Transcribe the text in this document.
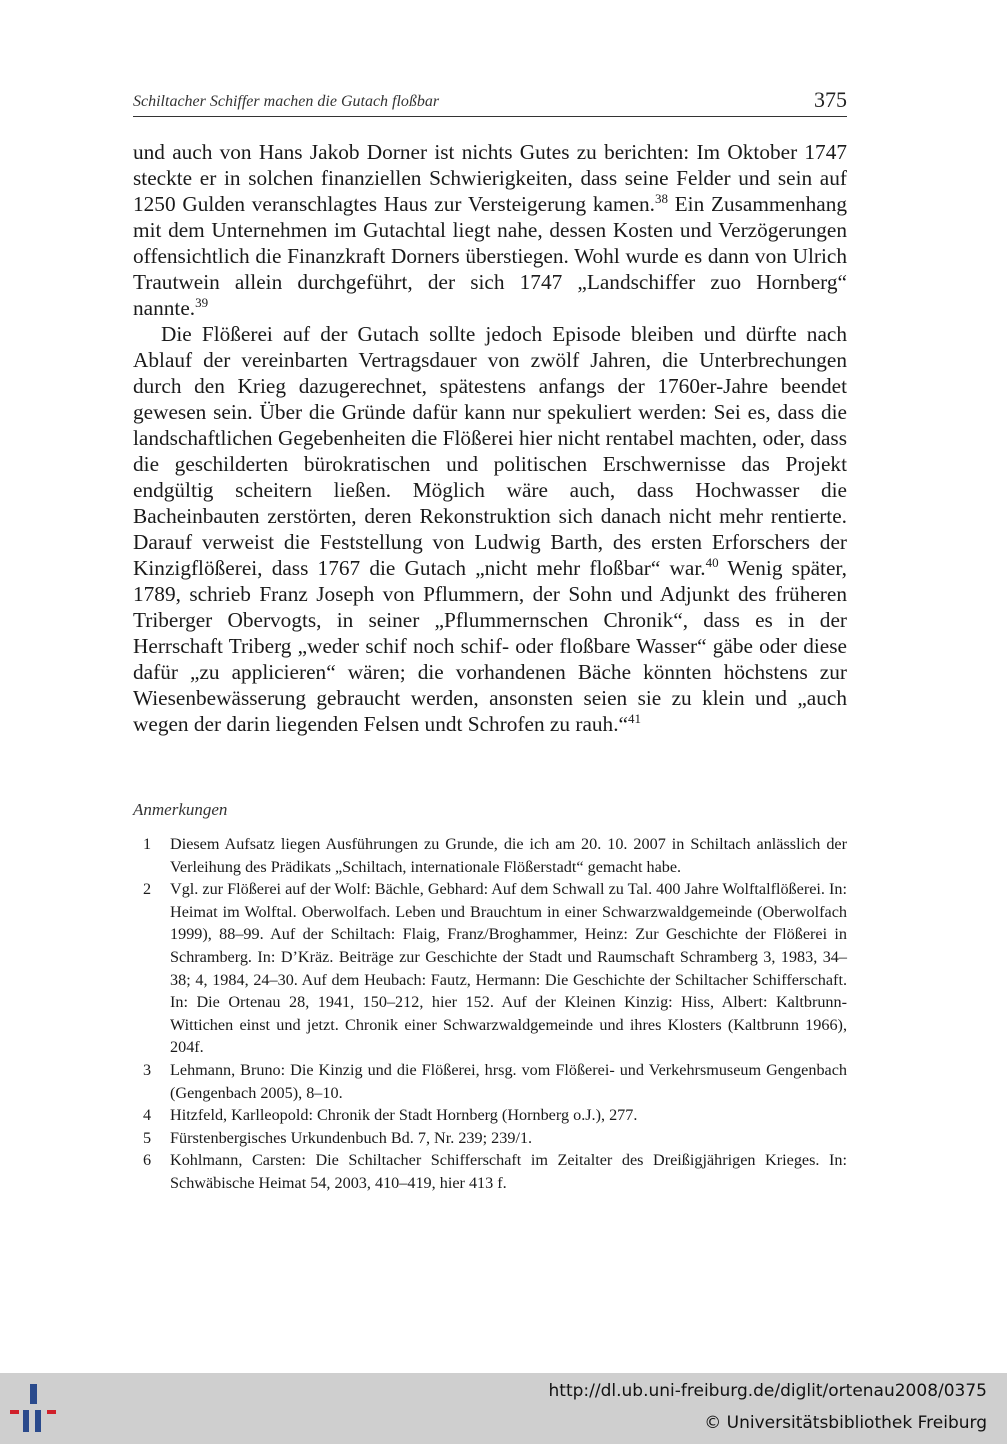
Schiltacher Schiffer machen die Gutach floßbar	375

und auch von Hans Jakob Dorner ist nichts Gutes zu berichten: Im Oktober 1747 steckte er in solchen finanziellen Schwierigkeiten, dass seine Felder und sein auf 1250 Gulden veranschlagtes Haus zur Versteigerung kamen.$^{38}$ Ein Zusammenhang mit dem Unternehmen im Gutachtal liegt nahe, dessen Kosten und Verzögerungen offensichtlich die Finanzkraft Dorners überstiegen. Wohl wurde es dann von Ulrich Trautwein allein durchgeführt, der sich 1747 „Landschiffer zuo Hornberg“ nannte.$^{39}$

Die Flößerei auf der Gutach sollte jedoch Episode bleiben und dürfte nach Ablauf der vereinbarten Vertragsdauer von zwölf Jahren, die Unterbrechungen durch den Krieg dazugerechnet, spätestens anfangs der 1760er-Jahre beendet gewesen sein. Über die Gründe dafür kann nur spekuliert werden: Sei es, dass die landschaftlichen Gegebenheiten die Flößerei hier nicht rentabel machten, oder, dass die geschilderten bürokratischen und politischen Erschwernisse das Projekt endgültig scheitern ließen. Möglich wäre auch, dass Hochwasser die Bacheinbauten zerstörten, deren Rekonstruktion sich danach nicht mehr rentierte. Darauf verweist die Feststellung von Ludwig Barth, des ersten Erforschers der Kinzigflößerei, dass 1767 die Gutach „nicht mehr floßbar“ war.$^{40}$ Wenig später, 1789, schrieb Franz Joseph von Pflummern, der Sohn und Adjunkt des früheren Triberger Obervogts, in seiner „Pflummernschen Chronik“, dass es in der Herrschaft Triberg „weder schif noch schif- oder floßbare Wasser“ gäbe oder diese dafür „zu applicieren“ wären; die vorhandenen Bäche könnten höchstens zur Wiesenbewässerung gebraucht werden, ansonsten seien sie zu klein und „auch wegen der darin liegenden Felsen undt Schrofen zu rauh.“$^{41}$

Anmerkungen

1 Diesem Aufsatz liegen Ausführungen zu Grunde, die ich am 20. 10. 2007 in Schiltach anlässlich der Verleihung des Prädikats „Schiltach, internationale Flößerstadt“ gemacht habe.

2 Vgl. zur Flößerei auf der Wolf: Bächle, Gebhard: Auf dem Schwall zu Tal. 400 Jahre Wolftalflößerei. In: Heimat im Wolftal. Oberwolfach. Leben und Brauchtum in einer Schwarzwaldgemeinde (Oberwolfach 1999), 88–99. Auf der Schiltach: Flaig, Franz/Broghammer, Heinz: Zur Geschichte der Flößerei in Schramberg. In: D’Kräz. Beiträge zur Geschichte der Stadt und Raumschaft Schramberg 3, 1983, 34–38; 4, 1984, 24–30. Auf dem Heubach: Fautz, Hermann: Die Geschichte der Schiltacher Schifferschaft. In: Die Ortenau 28, 1941, 150–212, hier 152. Auf der Kleinen Kinzig: Hiss, Albert: Kaltbrunn-Wittichen einst und jetzt. Chronik einer Schwarzwaldgemeinde und ihres Klosters (Kaltbrunn 1966), 204f.

3 Lehmann, Bruno: Die Kinzig und die Flößerei, hrsg. vom Flößerei- und Verkehrsmuseum Gengenbach (Gengenbach 2005), 8–10.

4 Hitzfeld, Karlleopold: Chronik der Stadt Hornberg (Hornberg o.J.), 277.

5 Fürstenbergisches Urkundenbuch Bd. 7, Nr. 239; 239/1.

6 Kohlmann, Carsten: Die Schiltacher Schifferschaft im Zeitalter des Dreißigjährigen Krieges. In: Schwäbische Heimat 54, 2003, 410–419, hier 413 f.

http://dl.ub.uni-freiburg.de/diglit/ortenau2008/0375
© Universitätsbibliothek Freiburg
